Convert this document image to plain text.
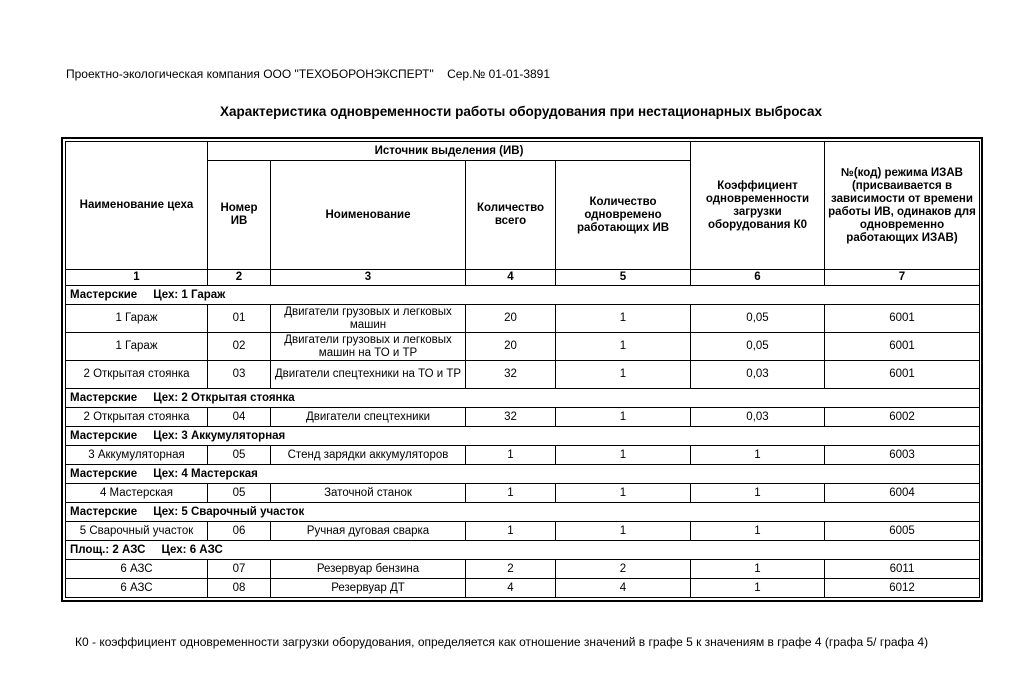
Проектно-экологическая компания ООО "ТЕХОБОРОНЭКСПЕРТ" Сер.№ 01-01-3891
Характеристика одновременности работы оборудования при нестационарных выбросах
Наименование цеха	Источник выделения (ИВ)				Коэффициент одновременности загрузки оборудования К0	№(код) режима ИЗАВ (присваивается в зависимости от времени работы ИВ, одинаков для одновременно работающих ИЗАВ)
	Номер ИВ	Нoименование	Количество всего	Количество одновремено работающих ИВ		
1	2	3	4	5	6	7
Мастерские Цех: 1 Гараж						
1 Гараж	01	Двигатели грузовых и легковых машин	20	1	0,05	6001
1 Гараж	02	Двигатели грузовых и легковых машин на ТО и ТР	20	1	0,05	6001
2 Открытая стоянка	03	Двигатели спецтехники на ТО и ТР	32	1	0,03	6001
Мастерские Цех: 2 Открытая стоянка						
2 Открытая стоянка	04	Двигатели спецтехники	32	1	0,03	6002
Мастерские Цех: 3 Аккумуляторная						
3 Аккумуляторная	05	Стенд зарядки аккумуляторов	1	1	1	6003
Мастерские Цех: 4 Мастерская						
4 Мастерская	05	Заточной станок	1	1	1	6004
Мастерские Цех: 5 Сварочный участок						
5 Сварочный участок	06	Ручная дуговая сварка	1	1	1	6005
Площ.: 2 АЗС Цех: 6 АЗС						
6 АЗС	07	Резервуар бензина	2	2	1	6011
6 АЗС	08	Резервуар ДТ	4	4	1	6012
К0 - коэффициент одновременности загрузки оборудования, определяется как отношение значений в графе 5 к значениям в графе 4 (графа 5/ графа 4)
